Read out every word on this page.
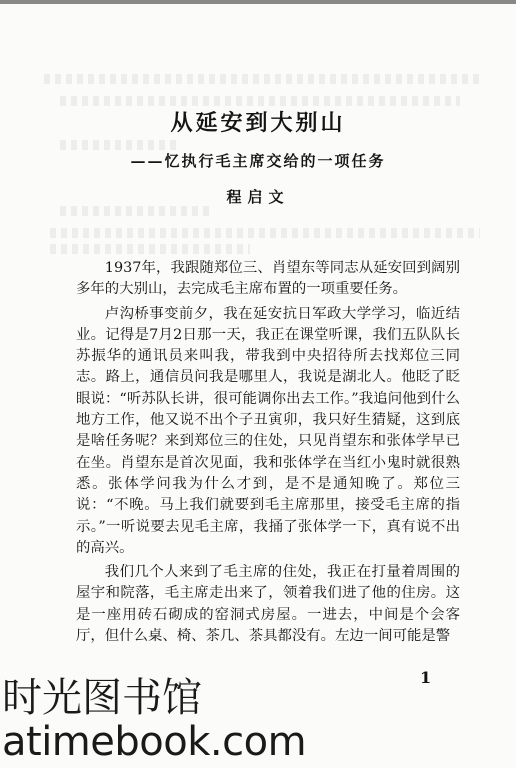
从延安到大别山
——忆执行毛主席交给的一项任务
程启文

1937年，我跟随郑位三、肖望东等同志从延安回到阔别多年的大别山，去完成毛主席布置的一项重要任务。

卢沟桥事变前夕，我在延安抗日军政大学学习，临近结业。记得是7月2日那一天，我正在课堂听课，我们五队队长苏振华的通讯员来叫我，带我到中央招待所去找郑位三同志。路上，通信员问我是哪里人，我说是湖北人。他眨了眨眼说：“听苏队长讲，很可能调你出去工作。”我追问他到什么地方工作，他又说不出个子丑寅卯，我只好生猜疑，这到底是啥任务呢？来到郑位三的住处，只见肖望东和张体学早已在坐。肖望东是首次见面，我和张体学在当红小鬼时就很熟悉。张体学问我为什么才到，是不是通知晚了。郑位三说：“不晚。马上我们就要到毛主席那里，接受毛主席的指示。”一听说要去见毛主席，我捅了张体学一下，真有说不出的高兴。

我们几个人来到了毛主席的住处，我正在打量着周围的屋宇和院落，毛主席走出来了，领着我们进了他的住房。这是一座用砖石砌成的窑洞式房屋。一进去，中间是个会客厅，但什么桌、椅、茶几、茶具都没有。左边一间可能是警

1
时光图书馆
atimebook.com
